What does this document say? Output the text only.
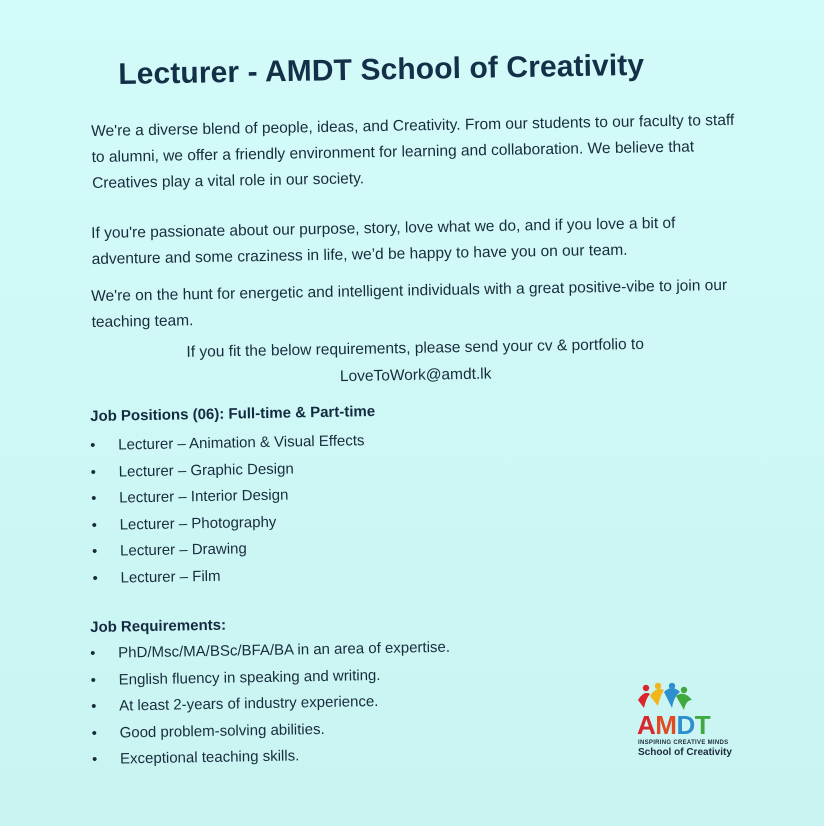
Lecturer - AMDT School of Creativity

We're a diverse blend of people, ideas, and Creativity. From our students to our faculty to staff to alumni, we offer a friendly environment for learning and collaboration. We believe that Creatives play a vital role in our society.

If you're passionate about our purpose, story, love what we do, and if you love a bit of adventure and some craziness in life, we’d be happy to have you on our team.

We're on the hunt for energetic and intelligent individuals with a great positive-vibe to join our teaching team.

If you fit the below requirements, please send your cv & portfolio to
LoveToWork@amdt.lk
Job Positions (06): Full-time & Part-time
• Lecturer – Animation & Visual Effects
• Lecturer – Graphic Design
• Lecturer – Interior Design
• Lecturer – Photography
• Lecturer – Drawing
• Lecturer – Film
Job Requirements:
• PhD/Msc/MA/BSc/BFA/BA in an area of expertise.
• English fluency in speaking and writing.
• At least 2-years of industry experience.
• Good problem-solving abilities.
• Exceptional teaching skills.
AMDT
INSPIRING CREATIVE MINDS
School of Creativity
